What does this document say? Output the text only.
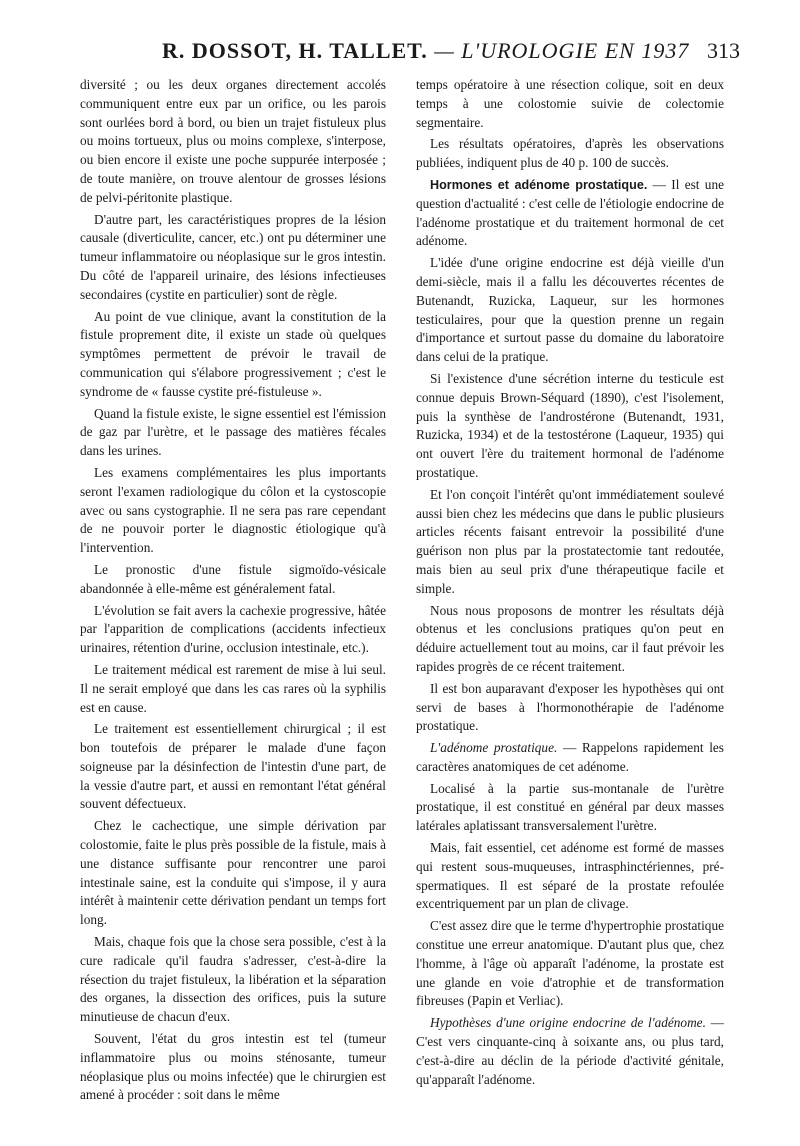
R. DOSSOT, H. TALLET. — L'UROLOGIE EN 1937 313

diversité ; ou les deux organes directement accolés communiquent entre eux par un orifice, ou les parois sont ourlées bord à bord, ou bien un trajet fistuleux plus ou moins tortueux, plus ou moins complexe, s'interpose, ou bien encore il existe une poche suppurée interposée ; de toute manière, on trouve alentour de grosses lésions de pelvi-péritonite plastique.

D'autre part, les caractéristiques propres de la lésion causale (diverticulite, cancer, etc.) ont pu déterminer une tumeur inflammatoire ou néoplasique sur le gros intestin. Du côté de l'appareil urinaire, des lésions infectieuses secondaires (cystite en particulier) sont de règle.

Au point de vue clinique, avant la constitution de la fistule proprement dite, il existe un stade où quelques symptômes permettent de prévoir le travail de communication qui s'élabore progressivement ; c'est le syndrome de « fausse cystite pré-fistuleuse ».

Quand la fistule existe, le signe essentiel est l'émission de gaz par l'urètre, et le passage des matières fécales dans les urines.

Les examens complémentaires les plus importants seront l'examen radiologique du côlon et la cystoscopie avec ou sans cystographie. Il ne sera pas rare cependant de ne pouvoir porter le diagnostic étiologique qu'à l'intervention.

Le pronostic d'une fistule sigmoïdo-vésicale abandonnée à elle-même est généralement fatal.

L'évolution se fait avers la cachexie progressive, hâtée par l'apparition de complications (accidents infectieux urinaires, rétention d'urine, occlusion intestinale, etc.).

Le traitement médical est rarement de mise à lui seul. Il ne serait employé que dans les cas rares où la syphilis est en cause.

Le traitement est essentiellement chirurgical ; il est bon toutefois de préparer le malade d'une façon soigneuse par la désinfection de l'intestin d'une part, de la vessie d'autre part, et aussi en remontant l'état général souvent défectueux.

Chez le cachectique, une simple dérivation par colostomie, faite le plus près possible de la fistule, mais à une distance suffisante pour rencontrer une paroi intestinale saine, est la conduite qui s'impose, il y aura intérêt à maintenir cette dérivation pendant un temps fort long.

Mais, chaque fois que la chose sera possible, c'est à la cure radicale qu'il faudra s'adresser, c'est-à-dire la résection du trajet fistuleux, la libération et la séparation des organes, la dissection des orifices, puis la suture minutieuse de chacun d'eux.

Souvent, l'état du gros intestin est tel (tumeur inflammatoire plus ou moins sténosante, tumeur néoplasique plus ou moins infectée) que le chirurgien est amené à procéder : soit dans le même

temps opératoire à une résection colique, soit en deux temps à une colostomie suivie de colectomie segmentaire.

Les résultats opératoires, d'après les observations publiées, indiquent plus de 40 p. 100 de succès.

Hormones et adénome prostatique. — Il est une question d'actualité : c'est celle de l'étiologie endocrine de l'adénome prostatique et du traitement hormonal de cet adénome.

L'idée d'une origine endocrine est déjà vieille d'un demi-siècle, mais il a fallu les découvertes récentes de Butenandt, Ruzicka, Laqueur, sur les hormones testiculaires, pour que la question prenne un regain d'importance et surtout passe du domaine du laboratoire dans celui de la pratique.

Si l'existence d'une sécrétion interne du testicule est connue depuis Brown-Séquard (1890), c'est l'isolement, puis la synthèse de l'androstérone (Butenandt, 1931, Ruzicka, 1934) et de la testostérone (Laqueur, 1935) qui ont ouvert l'ère du traitement hormonal de l'adénome prostatique.

Et l'on conçoit l'intérêt qu'ont immédiatement soulevé aussi bien chez les médecins que dans le public plusieurs articles récents faisant entrevoir la possibilité d'une guérison non plus par la prostatectomie tant redoutée, mais bien au seul prix d'une thérapeutique facile et simple.

Nous nous proposons de montrer les résultats déjà obtenus et les conclusions pratiques qu'on peut en déduire actuellement tout au moins, car il faut prévoir les rapides progrès de ce récent traitement.

Il est bon auparavant d'exposer les hypothèses qui ont servi de bases à l'hormonothérapie de l'adénome prostatique.

L'adénome prostatique. — Rappelons rapidement les caractères anatomiques de cet adénome.

Localisé à la partie sus-montanale de l'urètre prostatique, il est constitué en général par deux masses latérales aplatissant transversalement l'urètre.

Mais, fait essentiel, cet adénome est formé de masses qui restent sous-muqueuses, intrasphinctériennes, pré-spermatiques. Il est séparé de la prostate refoulée excentriquement par un plan de clivage.

C'est assez dire que le terme d'hypertrophie prostatique constitue une erreur anatomique. D'autant plus que, chez l'homme, à l'âge où apparaît l'adénome, la prostate est une glande en voie d'atrophie et de transformation fibreuses (Papin et Verliac).

Hypothèses d'une origine endocrine de l'adénome. — C'est vers cinquante-cinq à soixante ans, ou plus tard, c'est-à-dire au déclin de la période d'activité génitale, qu'apparaît l'adénome.
